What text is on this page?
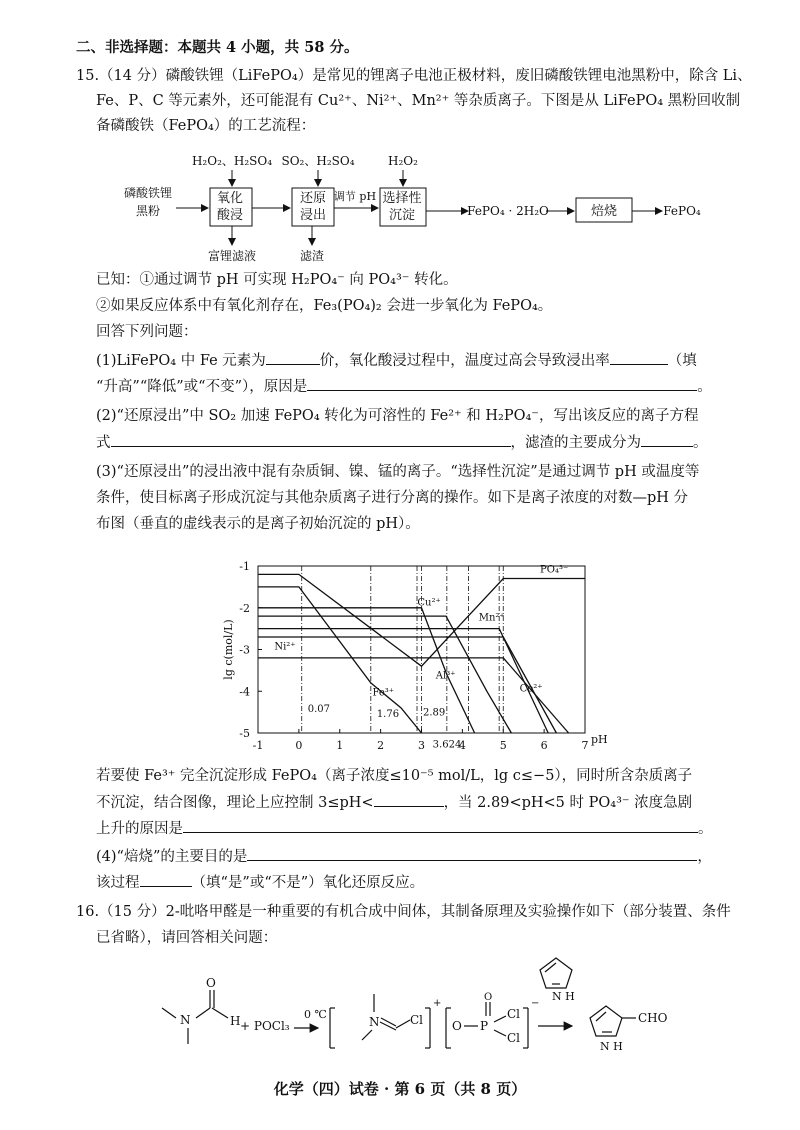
二、非选择题：本题共 4 小题，共 58 分。
15.（14 分）磷酸铁锂（LiFePO₄）是常见的锂离子电池正极材料，废旧磷酸铁锂电池黑粉中，除含 Li、
Fe、P、C 等元素外，还可能混有 Cu²⁺、Ni²⁺、Mn²⁺ 等杂质离子。下图是从 LiFePO₄ 黑粉回收制
备磷酸铁（FePO₄）的工艺流程：
磷酸铁锂
黑粉
H₂O₂、H₂SO₄ SO₂、H₂SO₄	H₂O₂
氧化
酸浸
还原
浸出
调节 pH 选择性
沉淀	FePO₄ · 2H₂O	焙烧	FePO₄
富锂滤液	滤渣
已知：①通过调节 pH 可实现 H₂PO₄⁻ 向 PO₄³⁻ 转化。
②如果反应体系中有氧化剂存在，Fe₃(PO₄)₂ 会进一步氧化为 FePO₄。
回答下列问题：
(1)LiFePO₄ 中 Fe 元素为	价，氧化酸浸过程中，温度过高会导致浸出率	（填
“升高”“降低”或“不变”），原因是	。
(2)“还原浸出”中 SO₂ 加速 FePO₄ 转化为可溶性的 Fe²⁺ 和 H₂PO₄⁻，写出该反应的离子方程
式	，滤渣的主要成分为	。
(3)“还原浸出”的浸出液中混有杂质铜、镍、锰的离子。“选择性沉淀”是通过调节 pH 或温度等
条件，使目标离子形成沉淀与其他杂质离子进行分离的操作。如下是离子浓度的对数—pH 分
布图（垂直的虚线表示的是离子初始沉淀的 pH）。
-1	0	1	2	3	4	5	6	7
-1
-2
-3
-4
-5
PO₄³⁻
Fe³⁺
Al³⁺
Cu²⁺
Mn²⁺
Co²⁺
Ni²⁺
0.07	1.76 2.89
3.624	pH
lg c(mol/L)
若要使 Fe³⁺ 完全沉淀形成 FePO₄（离子浓度≤10⁻⁵ mol/L，lg c≤−5），同时所含杂质离子
不沉淀，结合图像，理论上应控制 3≤pH<	，当 2.89<pH<5 时 PO₄³⁻ 浓度急剧
上升的原因是	。
(4)“焙烧”的主要目的是	，
该过程	（填“是”或“不是”）氧化还原反应。
16.（15 分）2-吡咯甲醛是一种重要的有机合成中间体，其制备原理及实验操作如下（部分装置、条件
已省略），请回答相关问题：
N
O
H + POCl₃
0 ℃
N	Cl
+
O P
O
Cl
Cl
−
N H
N H
CHO
化学（四）试卷 · 第 6 页（共 8 页）
